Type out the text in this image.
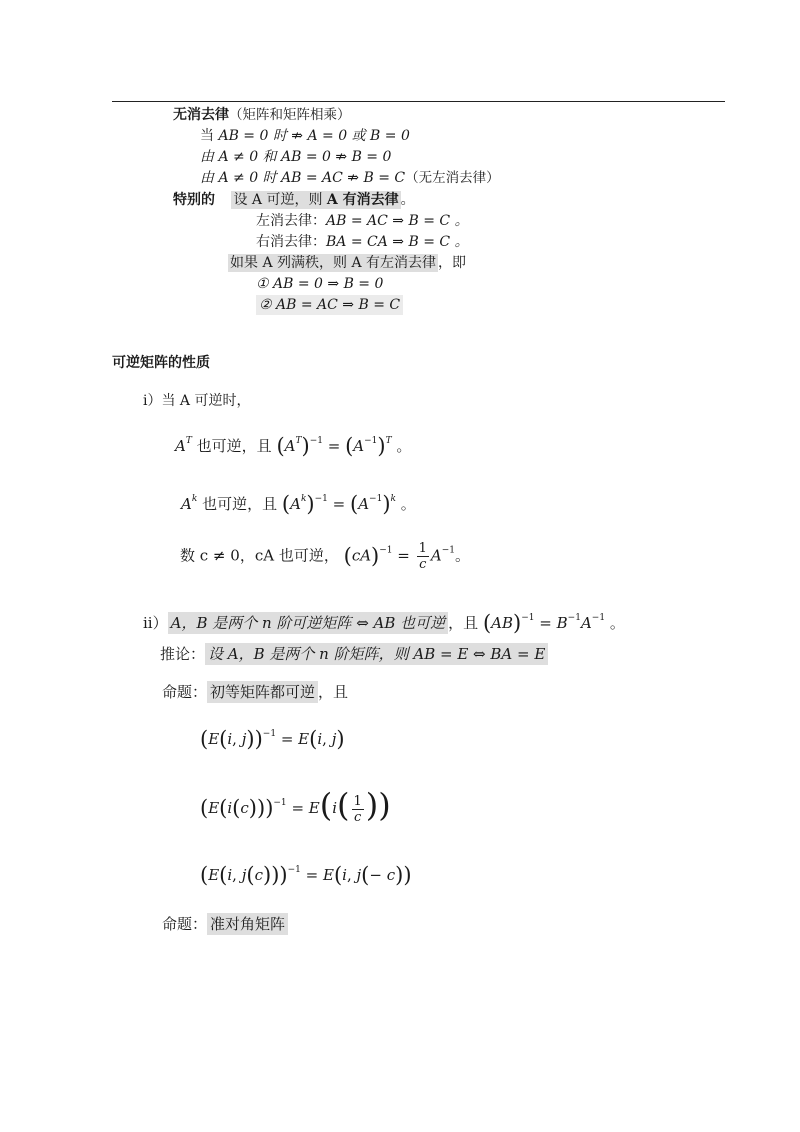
无消去律（矩阵和矩阵相乘）
当 AB = 0 时 ⇏ A = 0 或 B = 0
由 A ≠ 0 和 AB = 0 ⇏ B = 0
由 A ≠ 0 时 AB = AC ⇏ B = C（无左消去律）
特别的 设 A 可逆，则 A 有消去律 。
左消去律：AB = AC ⇒ B = C 。
右消去律：BA = CA ⇒ B = C 。
如果 A 列满秩，则 A 有左消去律 ，即
① AB = 0 ⇒ B = 0
② AB = AC ⇒ B = C
可逆矩阵的性质
i）当 A 可逆时，
$A^T$ 也可逆，且 $(A^T)^{-1} = (A^{-1})^T$ 。
$A^k$ 也可逆，且 $(A^k)^{-1} = (A^{-1})^k$ 。
数 c ≠ 0，cA 也可逆， $(cA)^{-1} = \frac{1}{c} A^{-1}$。
ii） A，B 是两个 n 阶可逆矩阵 ⇔ AB 也可逆 ，且 $(AB)^{-1} = B^{-1}A^{-1}$ 。
推论： 设 A，B 是两个 n 阶矩阵，则 AB = E ⇔ BA = E
命题： 初等矩阵都可逆 ，且
(E(i, j))$^{-1}$ = E(i, j)
$(E(i(c)))^{-1} = E(i( \frac{1}{c}$ ))
(E(i, j(c)))$^{-1}$ = E(i, j(− c))
命题： 准对角矩阵
